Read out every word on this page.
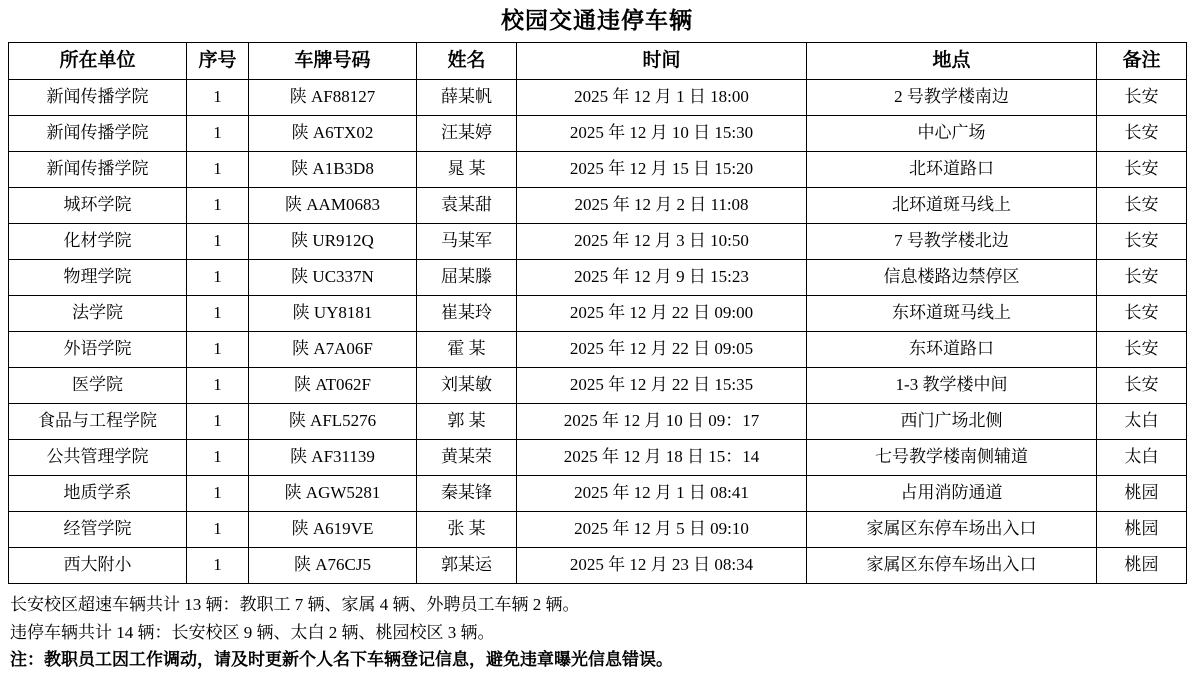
校园交通违停车辆
所在单位	序号	车牌号码	姓名	时间	地点	备注
新闻传播学院	1	陕 AF88127	薛某帆	2025 年 12 月 1 日 18:00	2 号教学楼南边	长安
新闻传播学院	1	陕 A6TX02	汪某婷	2025 年 12 月 10 日 15:30	中心广场	长安
新闻传播学院	1	陕 A1B3D8	晁 某	2025 年 12 月 15 日 15:20	北环道路口	长安
城环学院	1	陕 AAM0683	袁某甜	2025 年 12 月 2 日 11:08	北环道斑马线上	长安
化材学院	1	陕 UR912Q	马某军	2025 年 12 月 3 日 10:50	7 号教学楼北边	长安
物理学院	1	陕 UC337N	屈某滕	2025 年 12 月 9 日 15:23	信息楼路边禁停区	长安
法学院	1	陕 UY8181	崔某玲	2025 年 12 月 22 日 09:00	东环道斑马线上	长安
外语学院	1	陕 A7A06F	霍 某	2025 年 12 月 22 日 09:05	东环道路口	长安
医学院	1	陕 AT062F	刘某敏	2025 年 12 月 22 日 15:35	1-3 教学楼中间	长安
食品与工程学院	1	陕 AFL5276	郭 某	2025 年 12 月 10 日 09：17	西门广场北侧	太白
公共管理学院	1	陕 AF31139	黄某荣	2025 年 12 月 18 日 15：14	七号教学楼南侧辅道	太白
地质学系	1	陕 AGW5281	秦某锋	2025 年 12 月 1 日 08:41	占用消防通道	桃园
经管学院	1	陕 A619VE	张 某	2025 年 12 月 5 日 09:10	家属区东停车场出入口	桃园
西大附小	1	陕 A76CJ5	郭某运	2025 年 12 月 23 日 08:34	家属区东停车场出入口	桃园
长安校区超速车辆共计 13 辆：教职工 7 辆、家属 4 辆、外聘员工车辆 2 辆。
违停车辆共计 14 辆：长安校区 9 辆、太白 2 辆、桃园校区 3 辆。
注：教职员工因工作调动，请及时更新个人名下车辆登记信息，避免违章曝光信息错误。
